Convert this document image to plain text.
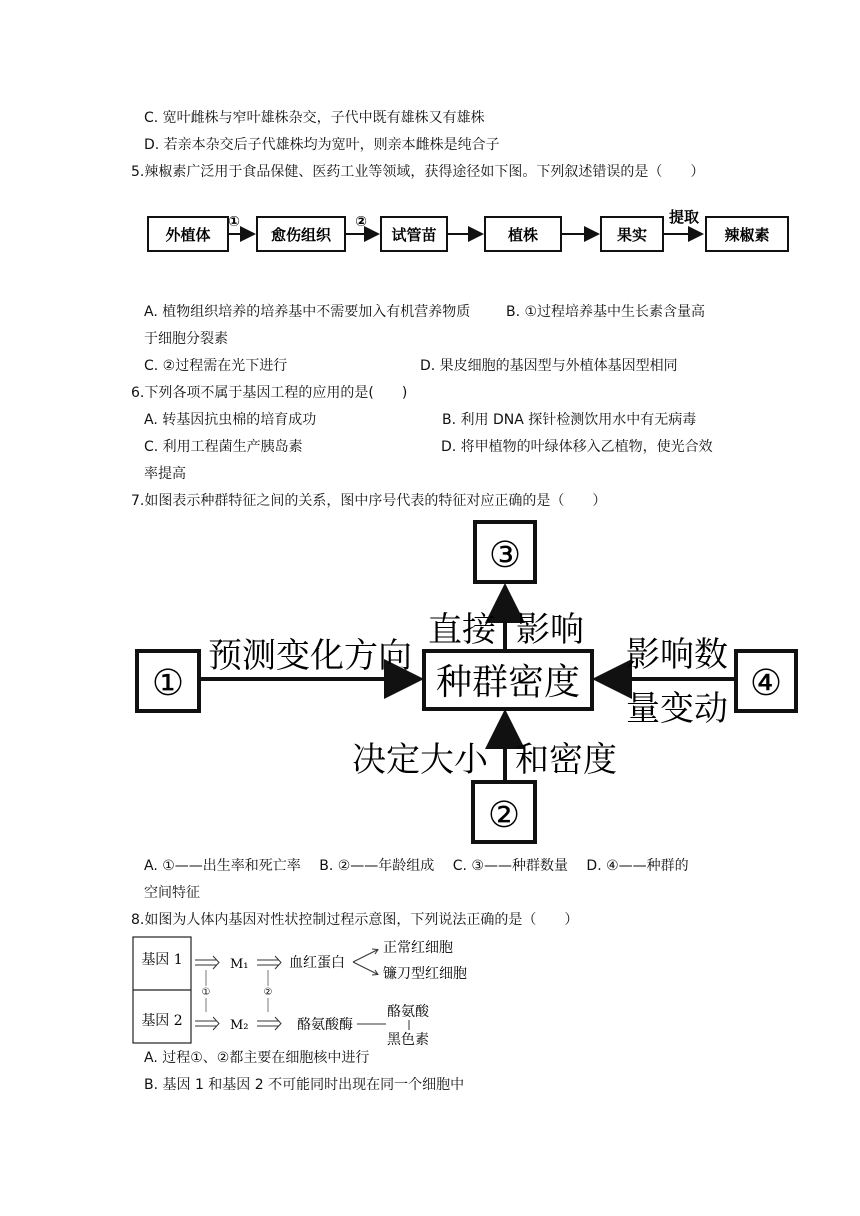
C. 宽叶雌株与窄叶雄株杂交，子代中既有雄株又有雄株
D. 若亲本杂交后子代雄株均为宽叶，则亲本雌株是纯合子
5.辣椒素广泛用于食品保健、医药工业等领域，获得途径如下图。下列叙述错误的是（　　）
外植体
①
愈伤组织
②
试管苗	植株	果实
提取
辣椒素
A. 植物组织培养的培养基中不需要加入有机营养物质	B. ①过程培养基中生长素含量高
于细胞分裂素
C. ②过程需在光下进行	D. 果皮细胞的基因型与外植体基因型相同
6.下列各项不属于基因工程的应用的是(　　)
A. 转基因抗虫棉的培育成功	B. 利用 DNA 探针检测饮用水中有无病毒
C. 利用工程菌生产胰岛素	D. 将甲植物的叶绿体移入乙植物，使光合效
率提高
7.如图表示种群特征之间的关系，图中序号代表的特征对应正确的是（　　）
③
直接 影响
种群密度
①
预测变化方向
④
影响数
量变动
②
决定大小 和密度
A. ①——出生率和死亡率　 B. ②——年龄组成　 C. ③——种群数量　 D. ④——种群的
空间特征
8.如图为人体内基因对性状控制过程示意图，下列说法正确的是（　　）
基因 1
基因 2
M₁	血红蛋白
正常红细胞
镰刀型红细胞
①	②
M₂	酪氨酸酶
酪氨酸
黑色素
A. 过程①、②都主要在细胞核中进行
B. 基因 1 和基因 2 不可能同时出现在同一个细胞中
